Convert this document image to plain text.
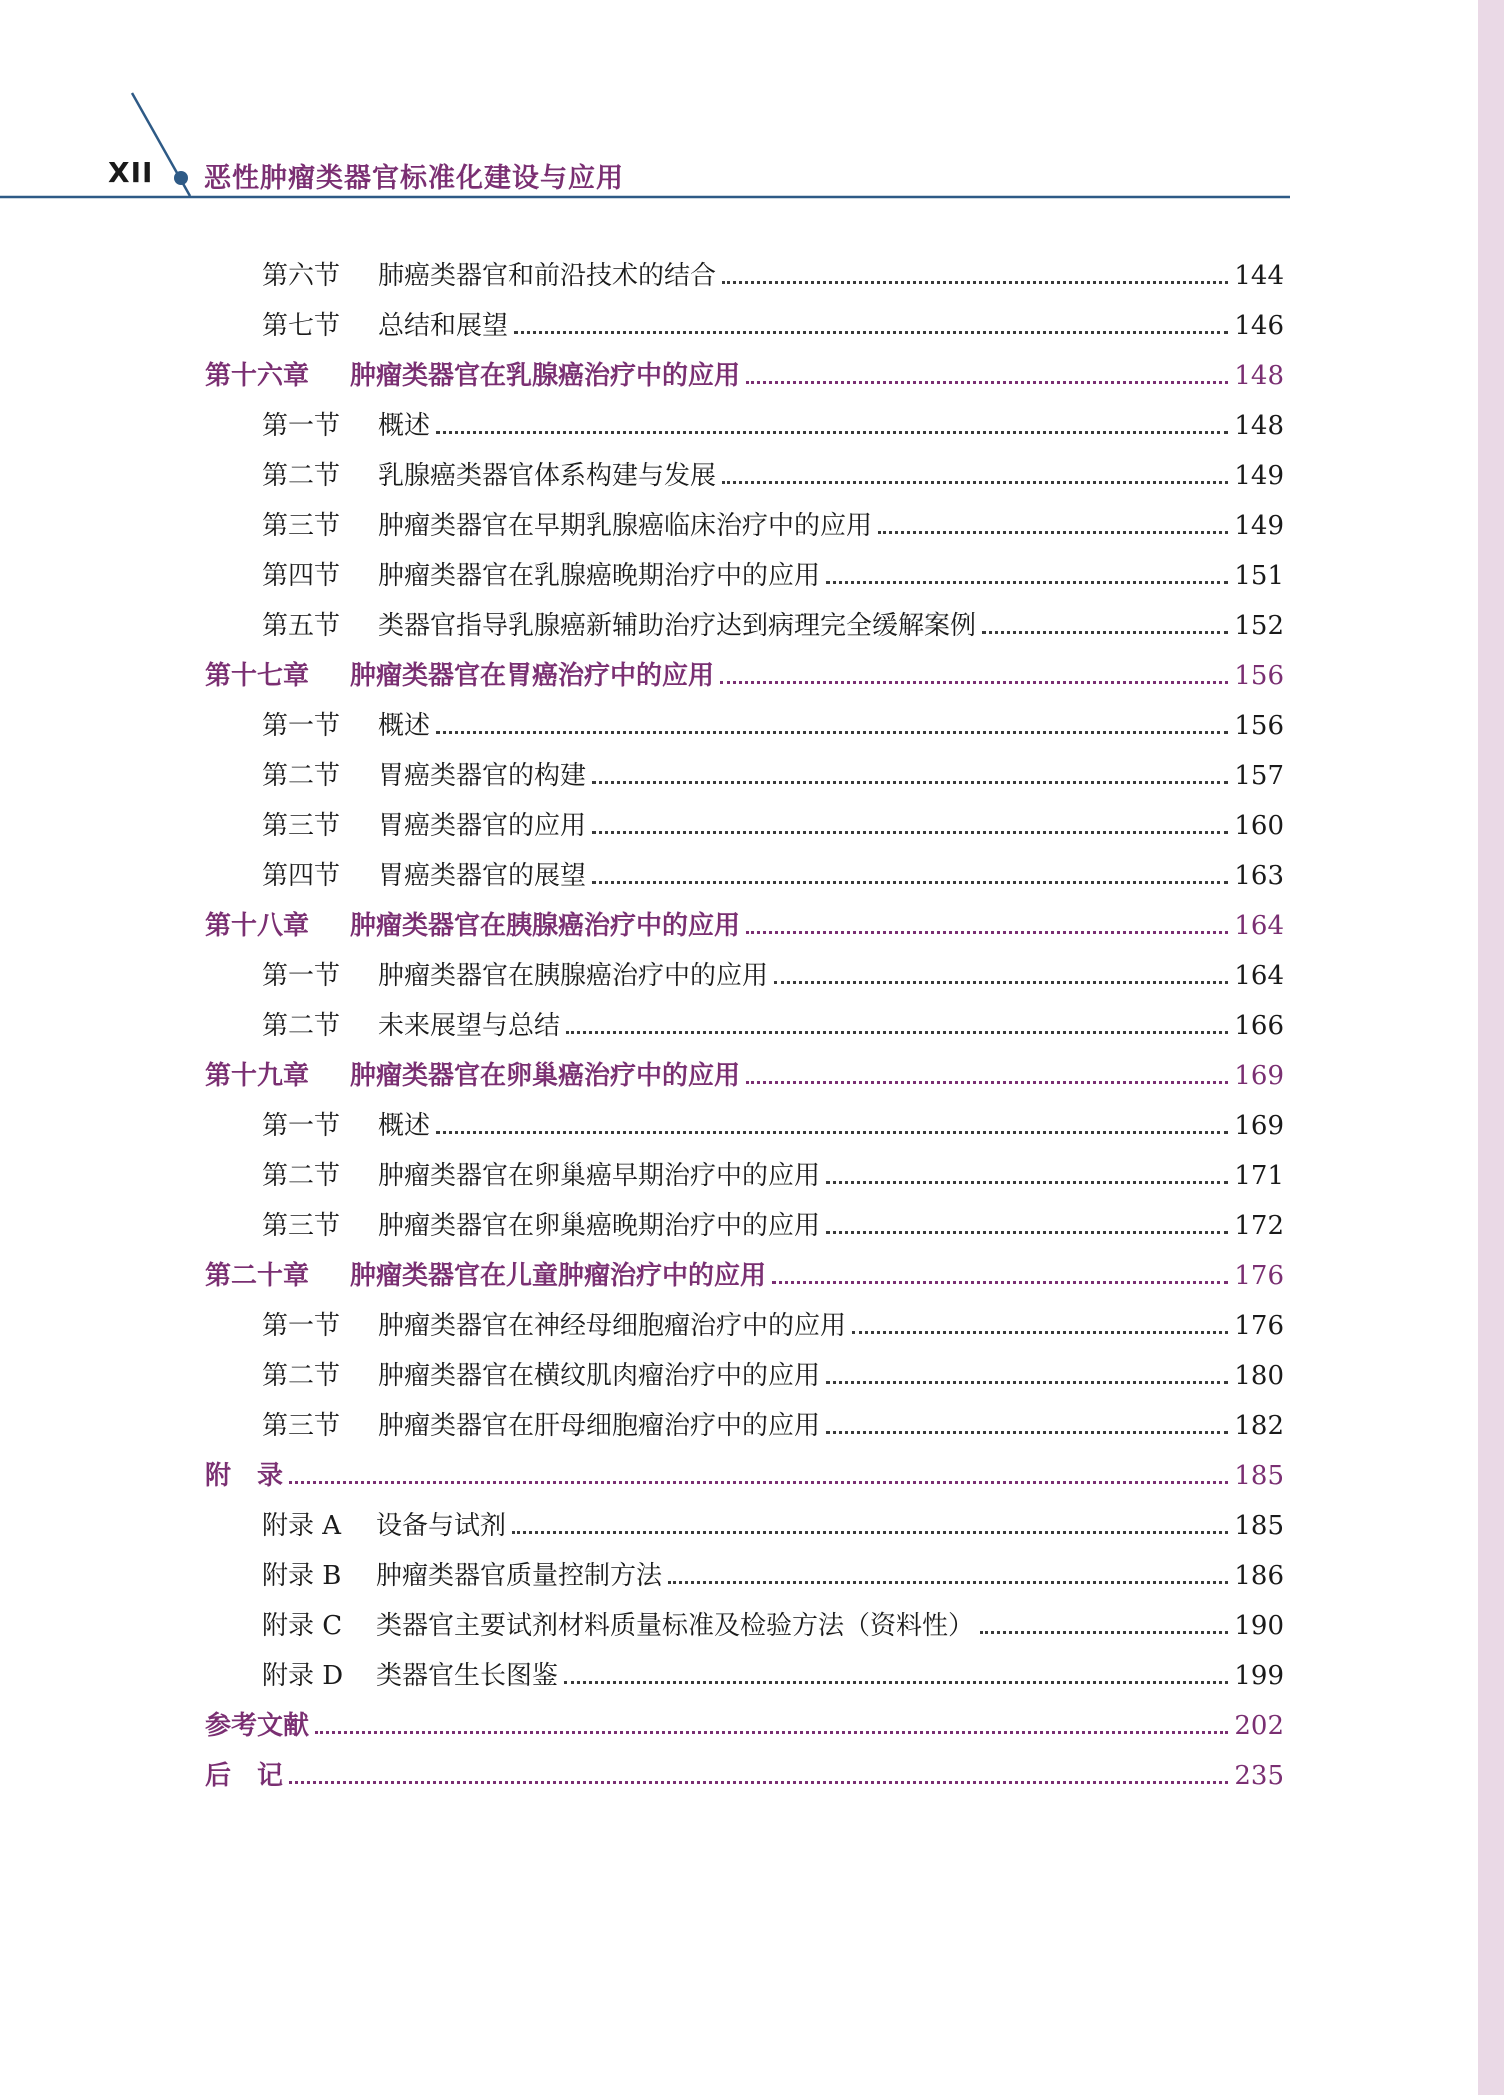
XII 恶性肿瘤类器官标准化建设与应用
第六节	肺癌类器官和前沿技术的结合	144
第七节	总结和展望	146
第十六章	肿瘤类器官在乳腺癌治疗中的应用	148
第一节	概述	148
第二节	乳腺癌类器官体系构建与发展	149
第三节	肿瘤类器官在早期乳腺癌临床治疗中的应用	149
第四节	肿瘤类器官在乳腺癌晚期治疗中的应用	151
第五节	类器官指导乳腺癌新辅助治疗达到病理完全缓解案例	152
第十七章	肿瘤类器官在胃癌治疗中的应用	156
第一节	概述	156
第二节	胃癌类器官的构建	157
第三节	胃癌类器官的应用	160
第四节	胃癌类器官的展望	163
第十八章	肿瘤类器官在胰腺癌治疗中的应用	164
第一节	肿瘤类器官在胰腺癌治疗中的应用	164
第二节	未来展望与总结	166
第十九章	肿瘤类器官在卵巢癌治疗中的应用	169
第一节	概述	169
第二节	肿瘤类器官在卵巢癌早期治疗中的应用	171
第三节	肿瘤类器官在卵巢癌晚期治疗中的应用	172
第二十章	肿瘤类器官在儿童肿瘤治疗中的应用	176
第一节	肿瘤类器官在神经母细胞瘤治疗中的应用	176
第二节	肿瘤类器官在横纹肌肉瘤治疗中的应用	180
第三节	肿瘤类器官在肝母细胞瘤治疗中的应用	182
附　录	185
附录 A	设备与试剂	185
附录 B	肿瘤类器官质量控制方法	186
附录 C	类器官主要试剂材料质量标准及检验方法（资料性）	190
附录 D	类器官生长图鉴	199
参考文献	202
后　记	235
